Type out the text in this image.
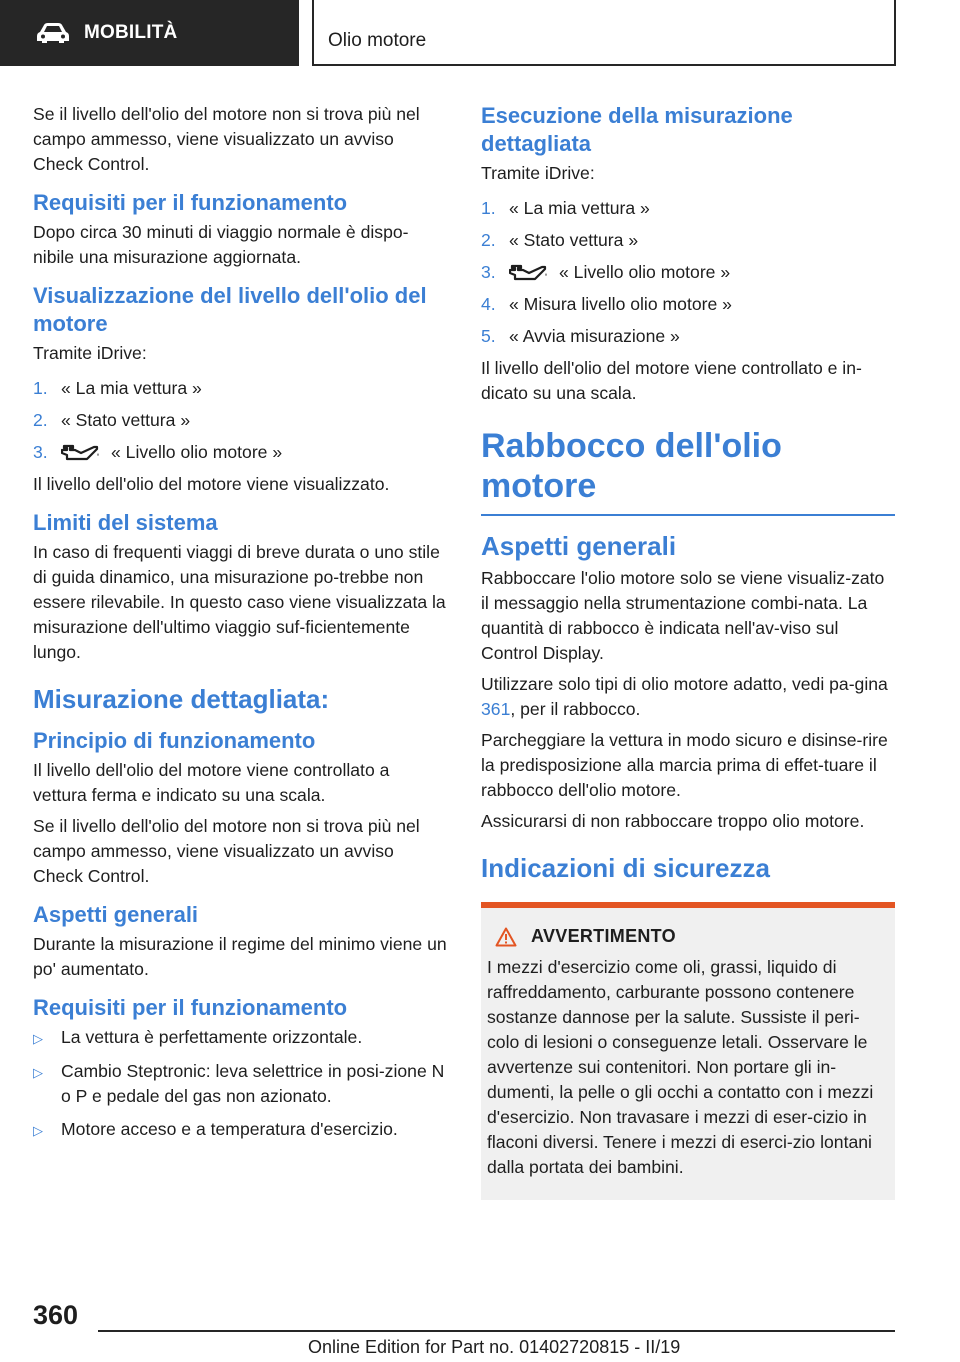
MOBILITÀ	Olio motore

Se il livello dell'olio del motore non si trova più nel campo ammesso, viene visualizzato un avviso Check Control.

Requisiti per il funzionamento

Dopo circa 30 minuti di viaggio normale è dispo‐nibile una misurazione aggiornata.

Visualizzazione del livello dell'olio del motore

Tramite iDrive:

1. « La mia vettura »
2. « Stato vettura »
3.	« Livello olio motore »

Il livello dell'olio del motore viene visualizzato.

Limiti del sistema

In caso di frequenti viaggi di breve durata o uno stile di guida dinamico, una misurazione po‐trebbe non essere rilevabile. In questo caso viene visualizzata la misurazione dell'ultimo viaggio suf‐ficientemente lungo.

Misurazione dettagliata:
Principio di funzionamento

Il livello dell'olio del motore viene controllato a vettura ferma e indicato su una scala.

Se il livello dell'olio del motore non si trova più nel campo ammesso, viene visualizzato un avviso Check Control.

Aspetti generali

Durante la misurazione il regime del minimo viene un po' aumentato.

Requisiti per il funzionamento
▷	La vettura è perfettamente orizzontale.
▷	Cambio Steptronic: leva selettrice in posi‐zione N o P e pedale del gas non azionato.
▷	Motore acceso e a temperatura d'esercizio.
Esecuzione della misurazione dettagliata

Tramite iDrive:

1. « La mia vettura »
2. « Stato vettura »
3.	« Livello olio motore »
4. « Misura livello olio motore »
5. « Avvia misurazione »

Il livello dell'olio del motore viene controllato e in‐dicato su una scala.

Rabbocco dell'olio motore
Aspetti generali

Rabboccare l'olio motore solo se viene visualiz‐zato il messaggio nella strumentazione combi‐nata. La quantità di rabbocco è indicata nell'av‐viso sul Control Display.

Utilizzare solo tipi di olio motore adatto, vedi pa‐gina 361, per il rabbocco.

Parcheggiare la vettura in modo sicuro e disinse‐rire la predisposizione alla marcia prima di effet‐tuare il rabbocco dell'olio motore.

Assicurarsi di non rabboccare troppo olio motore.

Indicazioni di sicurezza
AVVERTIMENTO

I mezzi d'esercizio come oli, grassi, liquido di raffreddamento, carburante possono contenere sostanze dannose per la salute. Sussiste il peri‐colo di lesioni o conseguenze letali. Osservare le avvertenze sui contenitori. Non portare gli in‐dumenti, la pelle o gli occhi a contatto con i mezzi d'esercizio. Non travasare i mezzi di eser‐cizio in flaconi diversi. Tenere i mezzi di eserci‐zio lontani dalla portata dei bambini.

360
Online Edition for Part no. 01402720815 - II/19
